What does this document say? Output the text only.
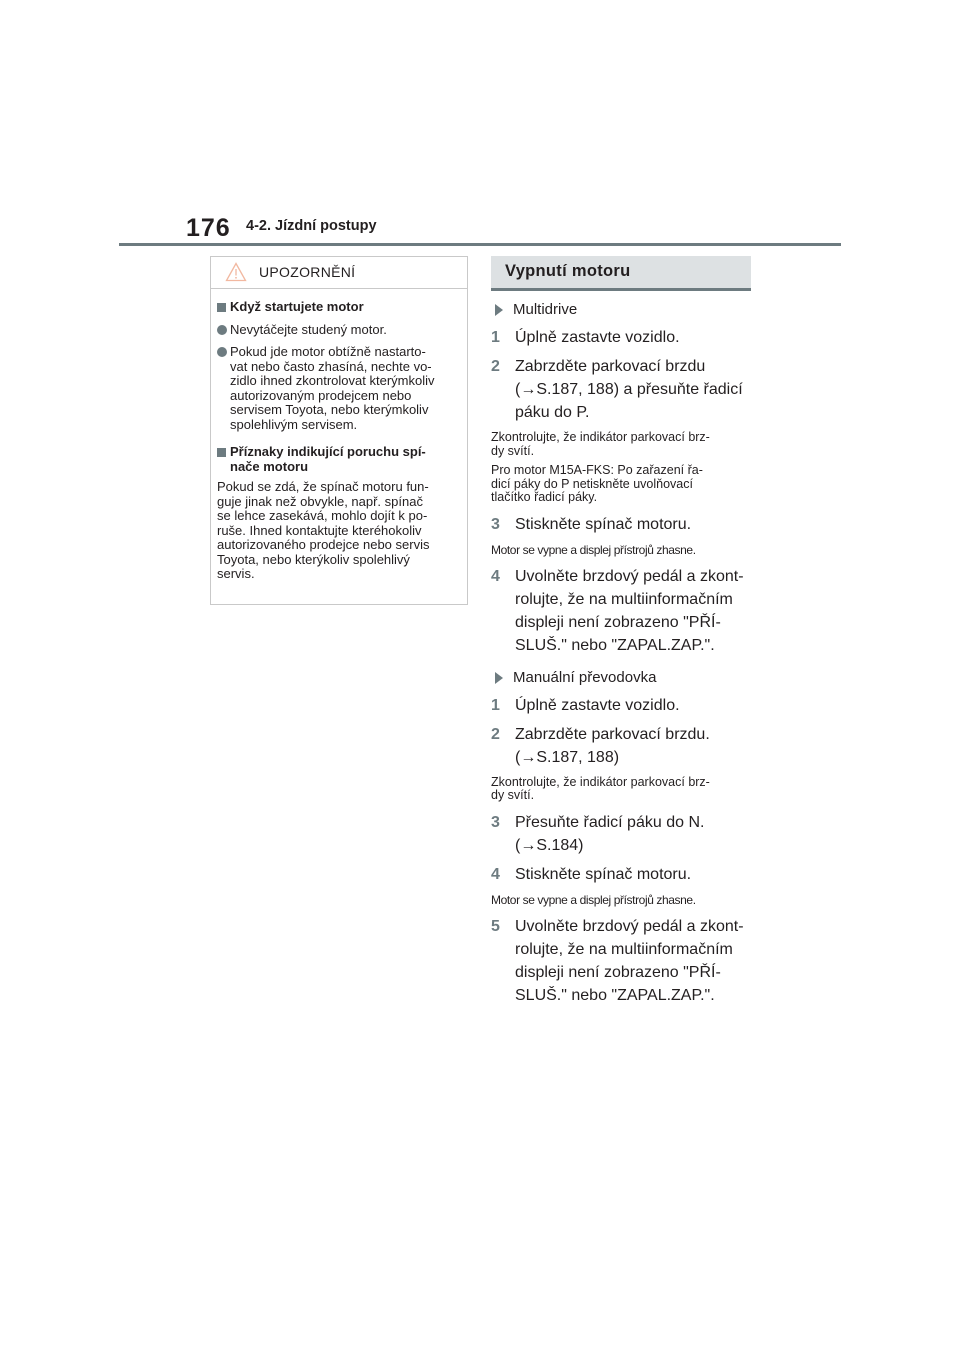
176 4-2. Jízdní postupy
UPOZORNĚNÍ
Když startujete motor
Nevytáčejte studený motor.
Pokud jde motor obtížně nastarto-
vat nebo často zhasíná, nechte vo-
zidlo ihned zkontrolovat kterýmkoliv
autorizovaným prodejcem nebo
servisem Toyota, nebo kterýmkoliv
spolehlivým servisem.
Příznaky indikující poruchu spí-
nače motoru
Pokud se zdá, že spínač motoru fun-
guje jinak než obvykle, např. spínač
se lehce zasekává, mohlo dojít k po-
ruše. Ihned kontaktujte kteréhokoliv
autorizovaného prodejce nebo servis
Toyota, nebo kterýkoliv spolehlivý
servis.
Vypnutí motoru
Multidrive
1 Úplně zastavte vozidlo.
2 Zabrzděte parkovací brzdu
(→S.187, 188) a přesuňte řadicí
páku do P.
Zkontrolujte, že indikátor parkovací brz-
dy svítí.
Pro motor M15A-FKS: Po zařazení řa-
dicí páky do P netiskněte uvolňovací
tlačítko řadicí páky.
3 Stiskněte spínač motoru.
Motor se vypne a displej přístrojů zhasne.
4 Uvolněte brzdový pedál a zkont-
rolujte, že na multiinformačním
displeji není zobrazeno "PŘÍ-
SLUŠ." nebo "ZAPAL.ZAP.".
Manuální převodovka
1 Úplně zastavte vozidlo.
2 Zabrzděte parkovací brzdu.
(→S.187, 188)
Zkontrolujte, že indikátor parkovací brz-
dy svítí.
3 Přesuňte řadicí páku do N.
(→S.184)
4 Stiskněte spínač motoru.
Motor se vypne a displej přístrojů zhasne.
5 Uvolněte brzdový pedál a zkont-
rolujte, že na multiinformačním
displeji není zobrazeno "PŘÍ-
SLUŠ." nebo "ZAPAL.ZAP.".
